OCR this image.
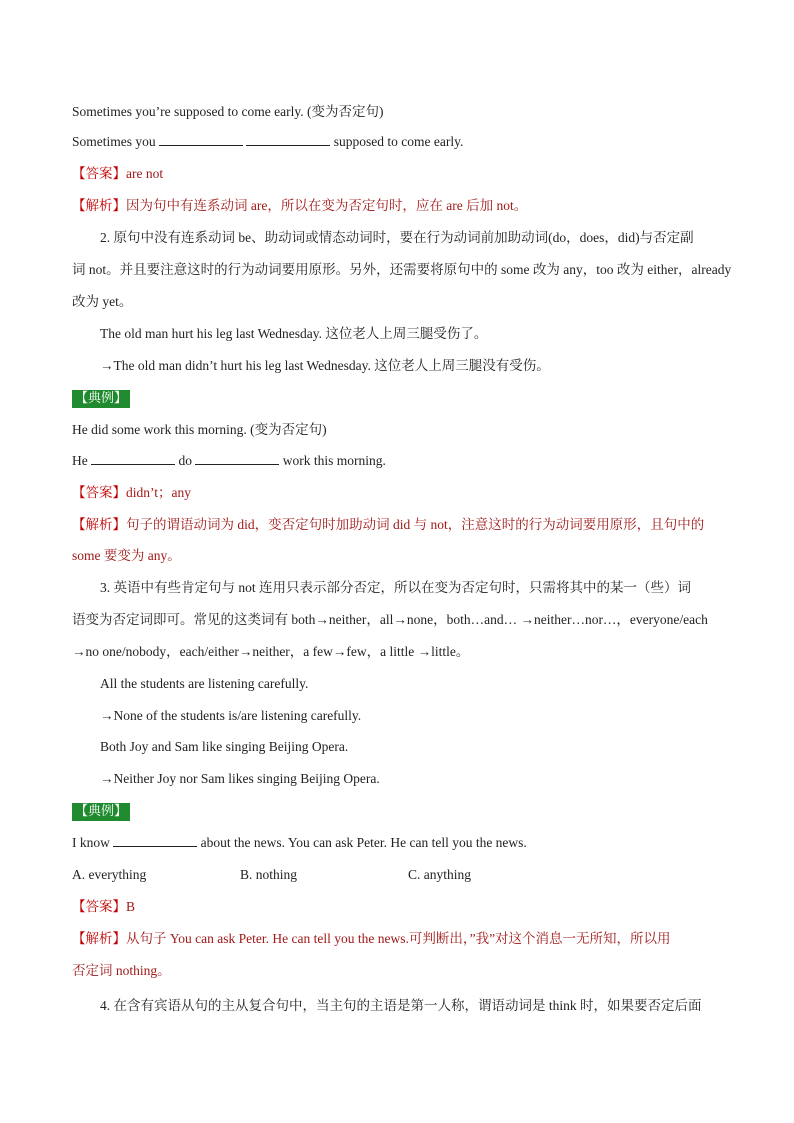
Sometimes you’re supposed to come early. (变为否定句)
Sometimes you	supposed to come early.
【答案】are not
【解析】因为句中有连系动词 are，所以在变为否定句时，应在 are 后加 not。
2. 原句中没有连系动词 be、助动词或情态动词时，要在行为动词前加助动词(do，does，did)与否定副
词 not。并且要注意这时的行为动词要用原形。另外，还需要将原句中的 some 改为 any，too 改为 either，already
改为 yet。
The old man hurt his leg last Wednesday. 这位老人上周三腿受伤了。
→The old man didn’t hurt his leg last Wednesday. 这位老人上周三腿没有受伤。
【典例】
He did some work this morning. (变为否定句)
He	do	work this morning.
【答案】didn’t；any
【解析】句子的谓语动词为 did，变否定句时加助动词 did 与 not，注意这时的行为动词要用原形，且句中的
some 要变为 any。
3. 英语中有些肯定句与 not 连用只表示部分否定，所以在变为否定句时，只需将其中的某一（些）词
语变为否定词即可。常见的这类词有 both→neither，all→none，both…and… →neither…nor…，everyone/each
→no one/nobody，each/either→neither，a few→few，a little →little。
All the students are listening carefully.
→None of the students is/are listening carefully.
Both Joy and Sam like singing Beijing Opera.
→Neither Joy nor Sam likes singing Beijing Opera.
【典例】
I know	about the news. You can ask Peter. He can tell you the news.
A. everything	B. nothing	C. anything
【答案】B
【解析】从句子 You can ask Peter. He can tell you the news.可判断出，”我”对这个消息一无所知，所以用
否定词 nothing。
4. 在含有宾语从句的主从复合句中，当主句的主语是第一人称，谓语动词是 think 时，如果要否定后面
